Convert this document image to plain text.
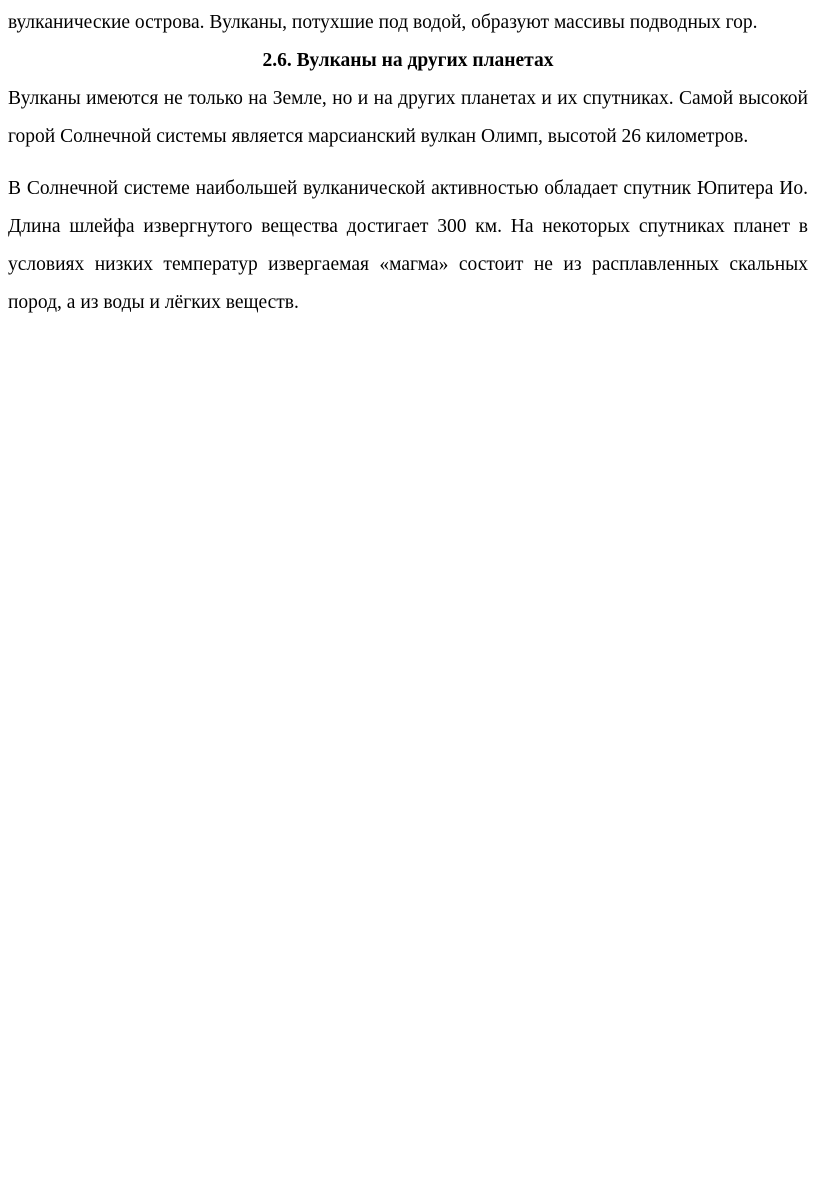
вулканические острова. Вулканы, потухшие под водой, образуют массивы подводных гор.

2.6. Вулканы на других планетах

Вулканы имеются не только на Земле, но и на других планетах и их спутниках. Самой высокой горой Солнечной системы является марсианский вулкан Олимп, высотой 26 километров.

В Солнечной системе наибольшей вулканической активностью обладает спутник Юпитера Ио. Длина шлейфа извергнутого вещества достигает 300 км. На некоторых спутниках планет в условиях низких температур извергаемая «магма» состоит не из расплавленных скальных пород, а из воды и лёгких веществ.
